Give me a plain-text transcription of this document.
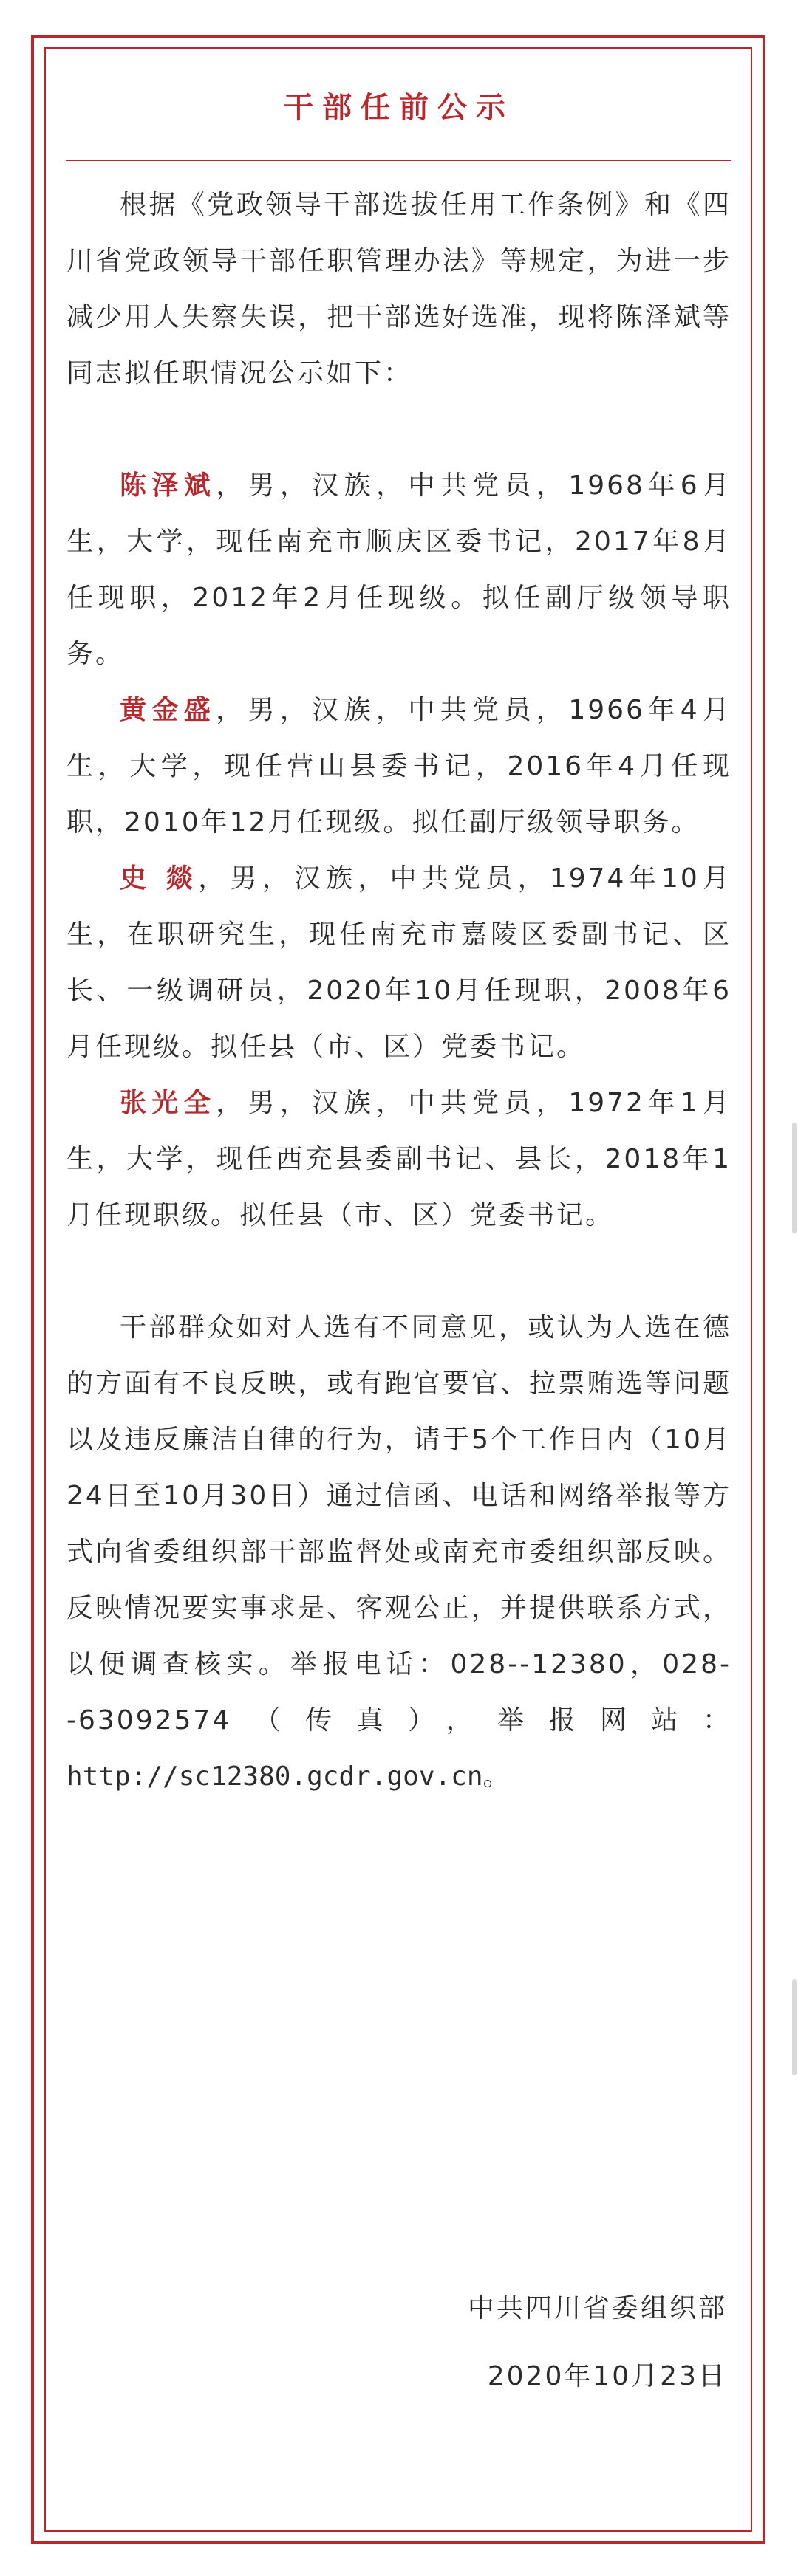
干部任前公示

根据《党政领导干部选拔任用工作条例》和《四川省党政领导干部任职管理办法》等规定，为进一步减少用人失察失误，把干部选好选准，现将陈泽斌等同志拟任职情况公示如下：

陈泽斌，男，汉族，中共党员，1968年6月生，大学，现任南充市顺庆区委书记，2017年8月任现职，2012年2月任现级。拟任副厅级领导职务。

黄金盛，男，汉族，中共党员，1966年4月生，大学，现任营山县委书记，2016年4月任现职，2010年12月任现级。拟任副厅级领导职务。

史 燚，男，汉族，中共党员，1974年10月生，在职研究生，现任南充市嘉陵区委副书记、区长、一级调研员，2020年10月任现职，2008年6月任现级。拟任县（市、区）党委书记。

张光全，男，汉族，中共党员，1972年1月生，大学，现任西充县委副书记、县长，2018年1月任现职级。拟任县（市、区）党委书记。

干部群众如对人选有不同意见，或认为人选在德的方面有不良反映，或有跑官要官、拉票贿选等问题以及违反廉洁自律的行为，请于5个工作日内（10月24日至10月30日）通过信函、电话和网络举报等方式向省委组织部干部监督处或南充市委组织部反映。反映情况要实事求是、客观公正，并提供联系方式，以便调查核实。举报电话：028--12380，028--63092574（传真），举报网站：http://sc12380.gcdr.gov.cn。

中共四川省委组织部
2020年10月23日
